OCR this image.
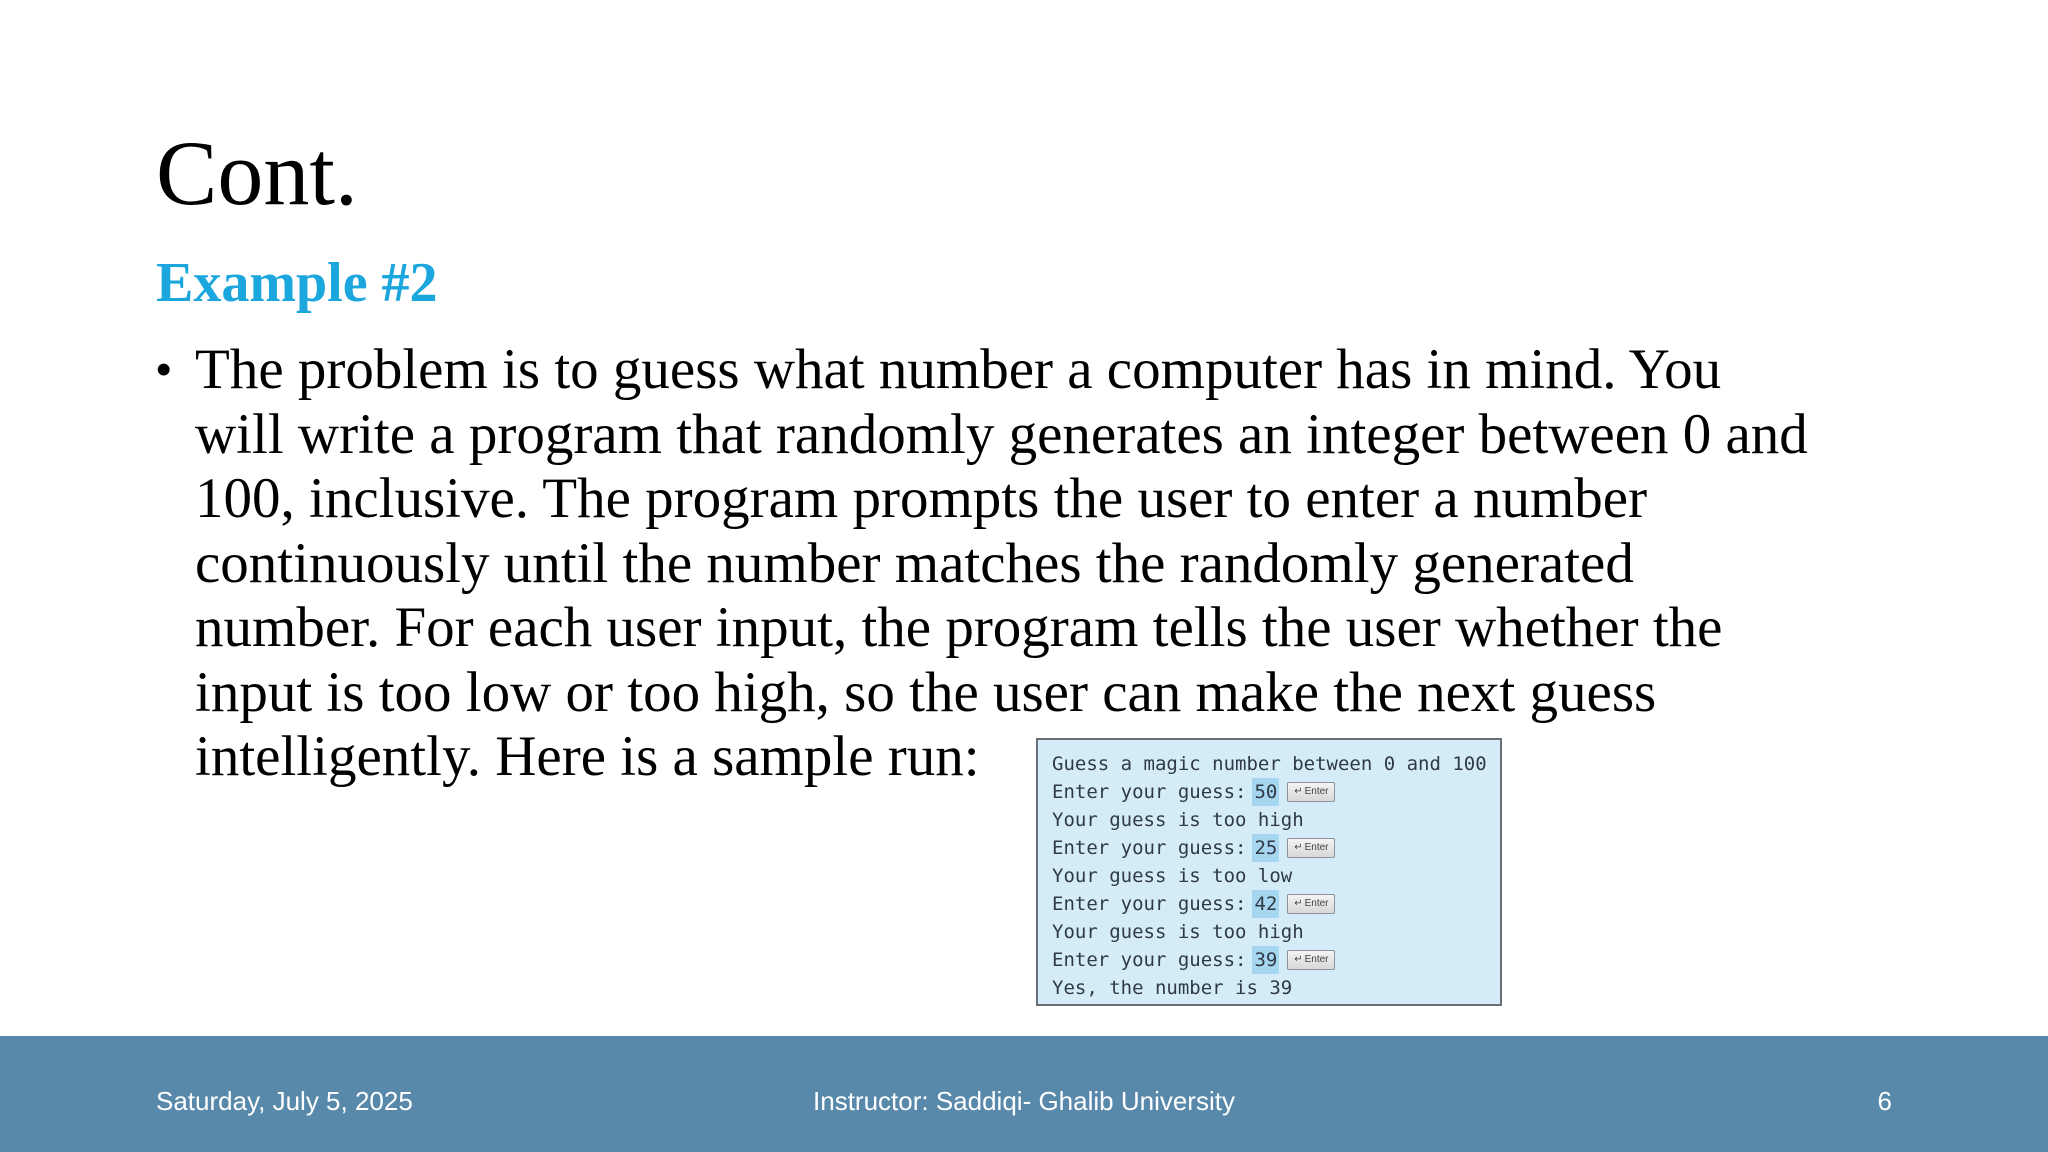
Cont.
Example #2
• The problem is to guess what number a computer has in mind. You
will write a program that randomly generates an integer between 0 and
100, inclusive. The program prompts the user to enter a number
continuously until the number matches the randomly generated
number. For each user input, the program tells the user whether the
input is too low or too high, so the user can make the next guess
intelligently. Here is a sample run:	Guess a magic number between 0 and 100
Enter your guess: 50 ↵ Enter
Your guess is too high
Enter your guess: 25 ↵ Enter
Your guess is too low
Enter your guess: 42 ↵ Enter
Your guess is too high
Enter your guess: 39 ↵ Enter
Yes, the number is 39
Saturday, July 5, 2025	Instructor: Saddiqi- Ghalib University	6
